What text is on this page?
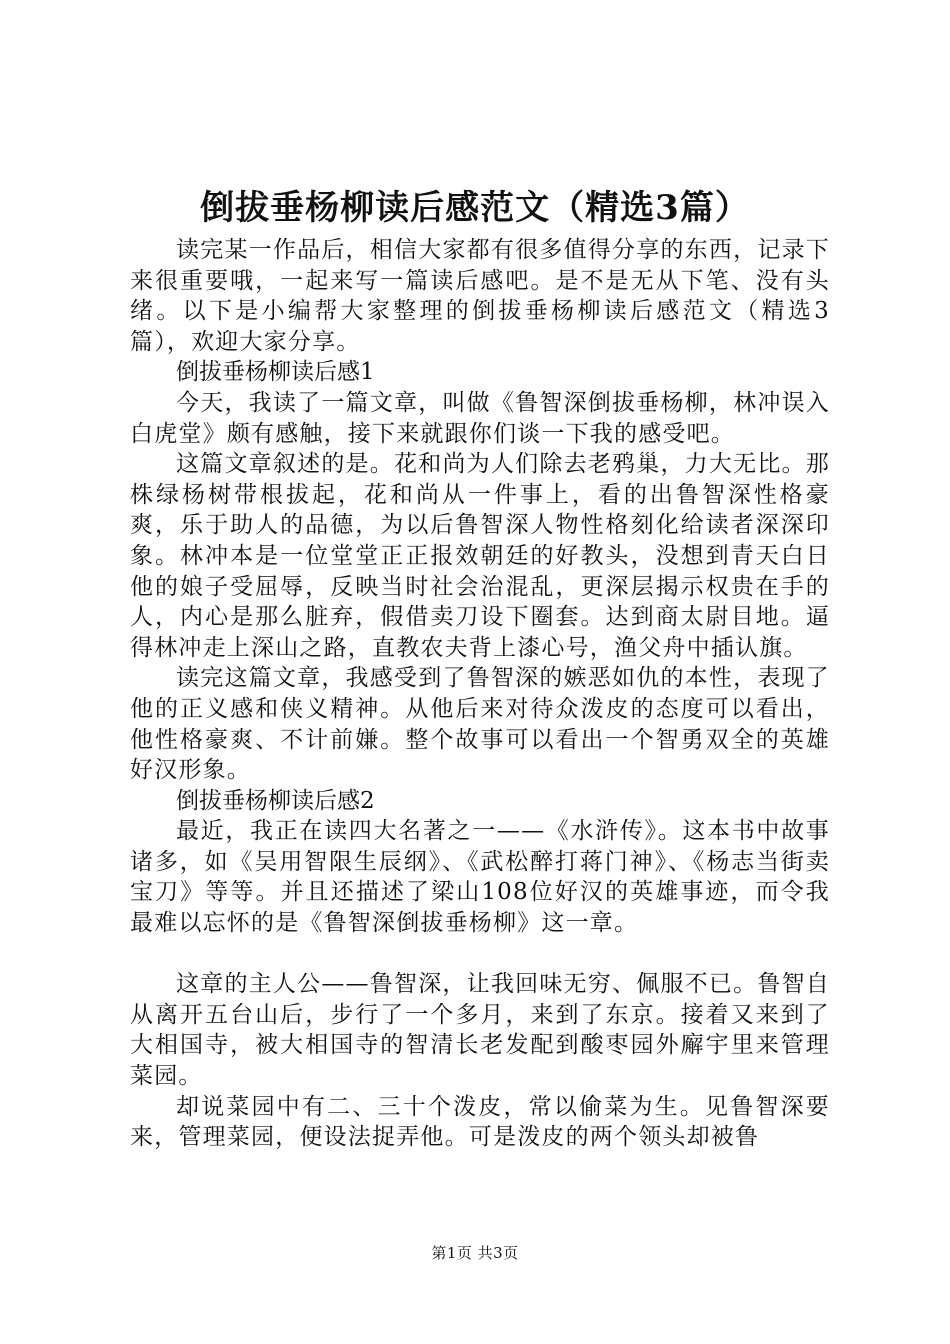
倒拔垂杨柳读后感范文（精选3篇）

读完某一作品后，相信大家都有很多值得分享的东西，记录下来很重要哦，一起来写一篇读后感吧。是不是无从下笔、没有头绪。以下是小编帮大家整理的倒拔垂杨柳读后感范文（精选3篇），欢迎大家分享。

倒拔垂杨柳读后感1

今天，我读了一篇文章，叫做《鲁智深倒拔垂杨柳，林冲误入白虎堂》颇有感触，接下来就跟你们谈一下我的感受吧。

这篇文章叙述的是。花和尚为人们除去老鸦巢，力大无比。那株绿杨树带根拔起，花和尚从一件事上，看的出鲁智深性格豪爽，乐于助人的品德，为以后鲁智深人物性格刻化给读者深深印象。林冲本是一位堂堂正正报效朝廷的好教头，没想到青天白日他的娘子受屈辱，反映当时社会治混乱，更深层揭示权贵在手的人，内心是那么脏弃，假借卖刀设下圈套。达到商太尉目地。逼得林冲走上深山之路，直教农夫背上漆心号，渔父舟中插认旗。

读完这篇文章，我感受到了鲁智深的嫉恶如仇的本性，表现了他的正义感和侠义精神。从他后来对待众泼皮的态度可以看出，他性格豪爽、不计前嫌。整个故事可以看出一个智勇双全的英雄好汉形象。

倒拔垂杨柳读后感2

最近，我正在读四大名著之一——《水浒传》。这本书中故事诸多，如《吴用智限生辰纲》、《武松醉打蒋门神》、《杨志当街卖宝刀》等等。并且还描述了梁山108位好汉的英雄事迹，而令我最难以忘怀的是《鲁智深倒拔垂杨柳》这一章。

这章的主人公——鲁智深，让我回味无穷、佩服不已。鲁智自从离开五台山后，步行了一个多月，来到了东京。接着又来到了大相国寺，被大相国寺的智清长老发配到酸枣园外廨宇里来管理菜园。

却说菜园中有二、三十个泼皮，常以偷菜为生。见鲁智深要来，管理菜园，便设法捉弄他。可是泼皮的两个领头却被鲁

第1页 共3页
